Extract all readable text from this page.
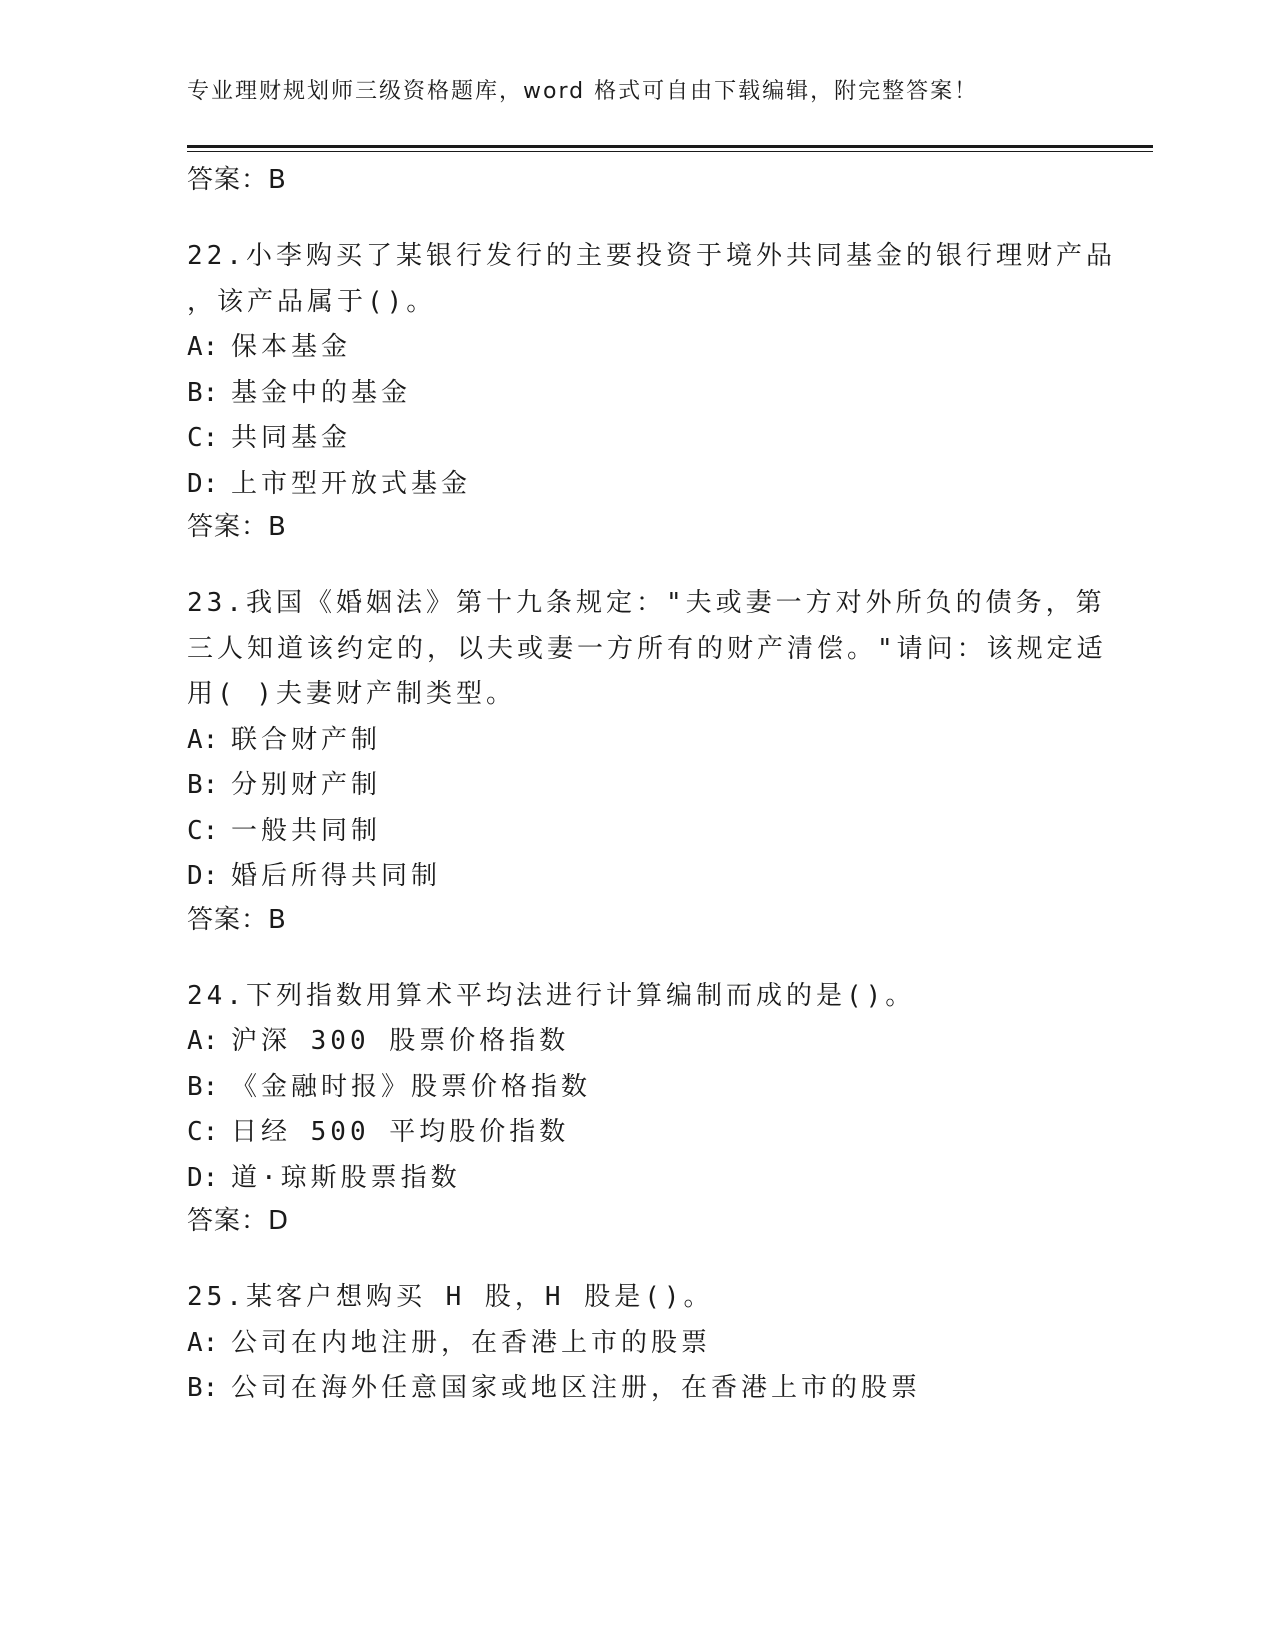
专业理财规划师三级资格题库，word 格式可自由下载编辑，附完整答案！
答案：B
22.小李购买了某银行发行的主要投资于境外共同基金的银行理财产品
，该产品属于()。
A: 保本基金
B: 基金中的基金
C: 共同基金
D: 上市型开放式基金
答案：B
23.我国《婚姻法》第十九条规定："夫或妻一方对外所负的债务，第
三人知道该约定的，以夫或妻一方所有的财产清偿。"请问：该规定适
用( )夫妻财产制类型。
A: 联合财产制
B: 分别财产制
C: 一般共同制
D: 婚后所得共同制
答案：B
24.下列指数用算术平均法进行计算编制而成的是()。
A: 沪深 300 股票价格指数
B: 《金融时报》股票价格指数
C: 日经 500 平均股价指数
D: 道·琼斯股票指数
答案：D
25.某客户想购买 H 股，H 股是()。
A: 公司在内地注册，在香港上市的股票
B: 公司在海外任意国家或地区注册，在香港上市的股票
